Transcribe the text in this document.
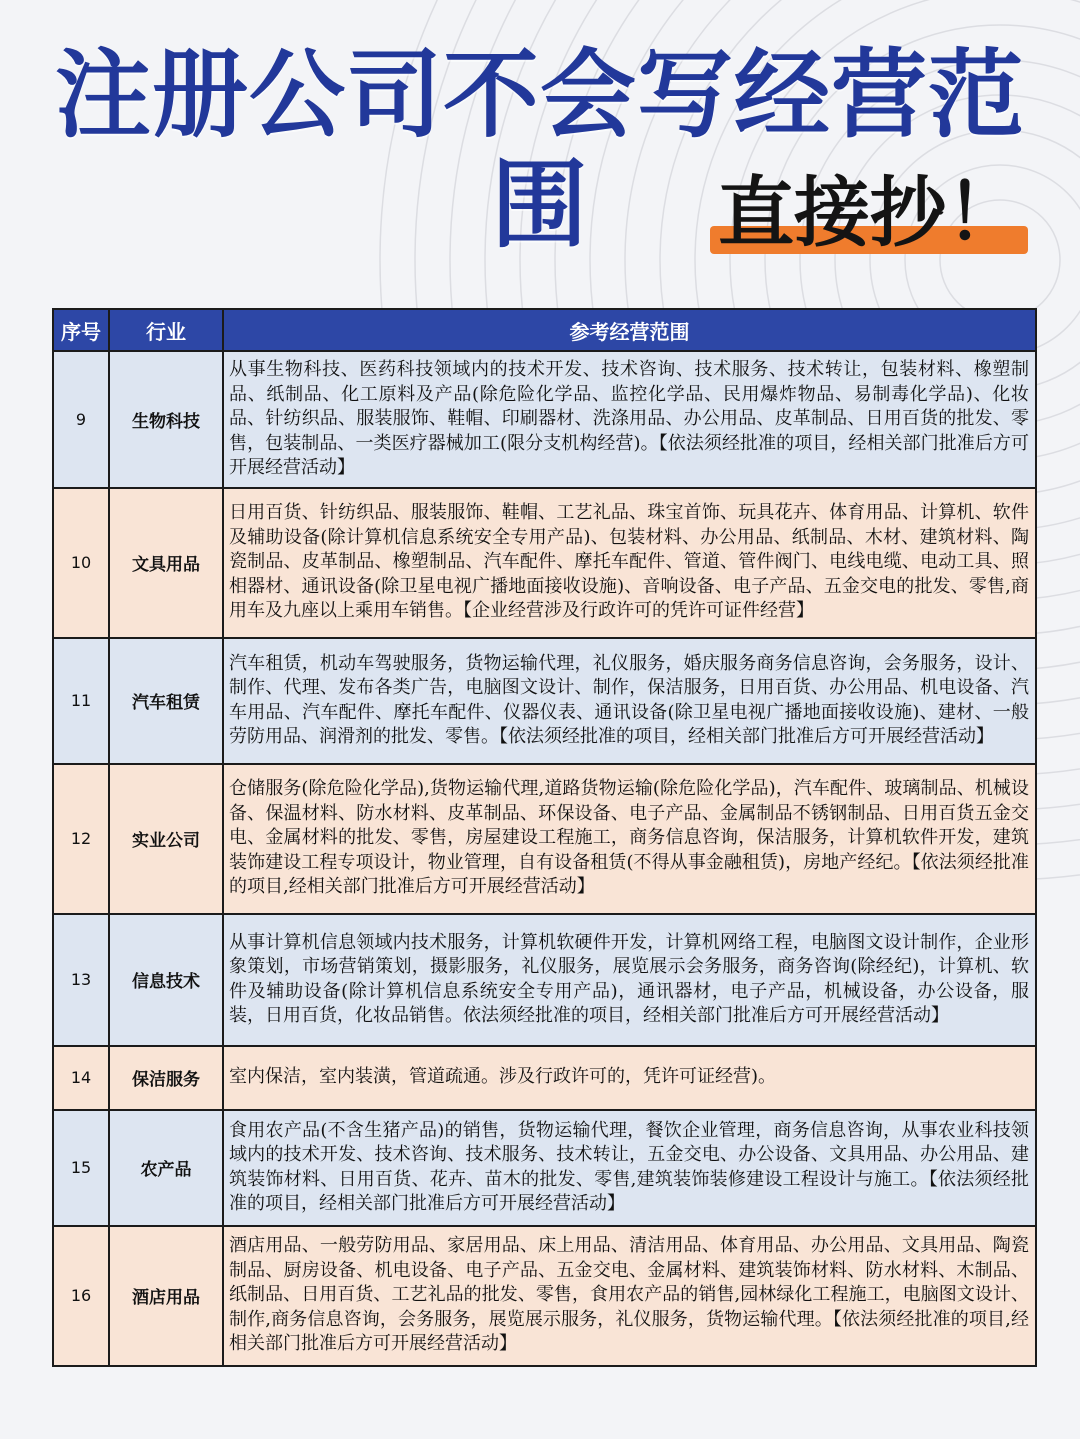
注册公司不会写经营范围	直接抄！
序号	行业	参考经营范围
9	生物科技	从事生物科技、医药科技领域内的技术开发、技术咨询、技术服务、技术转让，包装材料、橡塑制品、纸制品、化工原料及产品(除危险化学品、监控化学品、民用爆炸物品、易制毒化学品)、化妆品、针纺织品、服装服饰、鞋帽、印刷器材、洗涤用品、办公用品、皮革制品、日用百货的批发、零售，包装制品、一类医疗器械加工(限分支机构经营)。【依法须经批准的项目，经相关部门批准后方可开展经营活动】
10	文具用品	日用百货、针纺织品、服装服饰、鞋帽、工艺礼品、珠宝首饰、玩具花卉、体育用品、计算机、软件及辅助设备(除计算机信息系统安全专用产品)、包装材料、办公用品、纸制品、木材、建筑材料、陶瓷制品、皮革制品、橡塑制品、汽车配件、摩托车配件、管道、管件阀门、电线电缆、电动工具、照相器材、通讯设备(除卫星电视广播地面接收设施)、音响设备、电子产品、五金交电的批发、零售,商用车及九座以上乘用车销售。【企业经营涉及行政许可的凭许可证件经营】
11	汽车租赁	汽车租赁，机动车驾驶服务，货物运输代理，礼仪服务，婚庆服务商务信息咨询，会务服务，设计、制作、代理、发布各类广告，电脑图文设计、制作，保洁服务，日用百货、办公用品、机电设备、汽车用品、汽车配件、摩托车配件、仪器仪表、通讯设备(除卫星电视广播地面接收设施)、建材、一般劳防用品、润滑剂的批发、零售。【依法须经批准的项目，经相关部门批准后方可开展经营活动】
12	实业公司	仓储服务(除危险化学品),货物运输代理,道路货物运输(除危险化学品)，汽车配件、玻璃制品、机械设备、保温材料、防水材料、皮革制品、环保设备、电子产品、金属制品不锈钢制品、日用百货五金交电、金属材料的批发、零售，房屋建设工程施工，商务信息咨询，保洁服务，计算机软件开发，建筑装饰建设工程专项设计，物业管理，自有设备租赁(不得从事金融租赁)，房地产经纪。【依法须经批准的项目,经相关部门批准后方可开展经营活动】
13	信息技术	从事计算机信息领域内技术服务，计算机软硬件开发，计算机网络工程，电脑图文设计制作，企业形象策划，市场营销策划，摄影服务，礼仪服务，展览展示会务服务，商务咨询(除经纪)，计算机、软件及辅助设备(除计算机信息系统安全专用产品)，通讯器材，电子产品，机械设备，办公设备，服装，日用百货，化妆品销售。依法须经批准的项目，经相关部门批准后方可开展经营活动】
14	保洁服务	室内保洁，室内装潢，管道疏通。涉及行政许可的，凭许可证经营)。
15	农产品	食用农产品(不含生猪产品)的销售，货物运输代理，餐饮企业管理，商务信息咨询，从事农业科技领域内的技术开发、技术咨询、技术服务、技术转让，五金交电、办公设备、文具用品、办公用品、建筑装饰材料、日用百货、花卉、苗木的批发、零售,建筑装饰装修建设工程设计与施工。【依法须经批准的项目，经相关部门批准后方可开展经营活动】
16	酒店用品	酒店用品、一般劳防用品、家居用品、床上用品、清洁用品、体育用品、办公用品、文具用品、陶瓷制品、厨房设备、机电设备、电子产品、五金交电、金属材料、建筑装饰材料、防水材料、木制品、纸制品、日用百货、工艺礼品的批发、零售，食用农产品的销售,园林绿化工程施工，电脑图文设计、制作,商务信息咨询，会务服务，展览展示服务，礼仪服务，货物运输代理。【依法须经批准的项目,经相关部门批准后方可开展经营活动】
